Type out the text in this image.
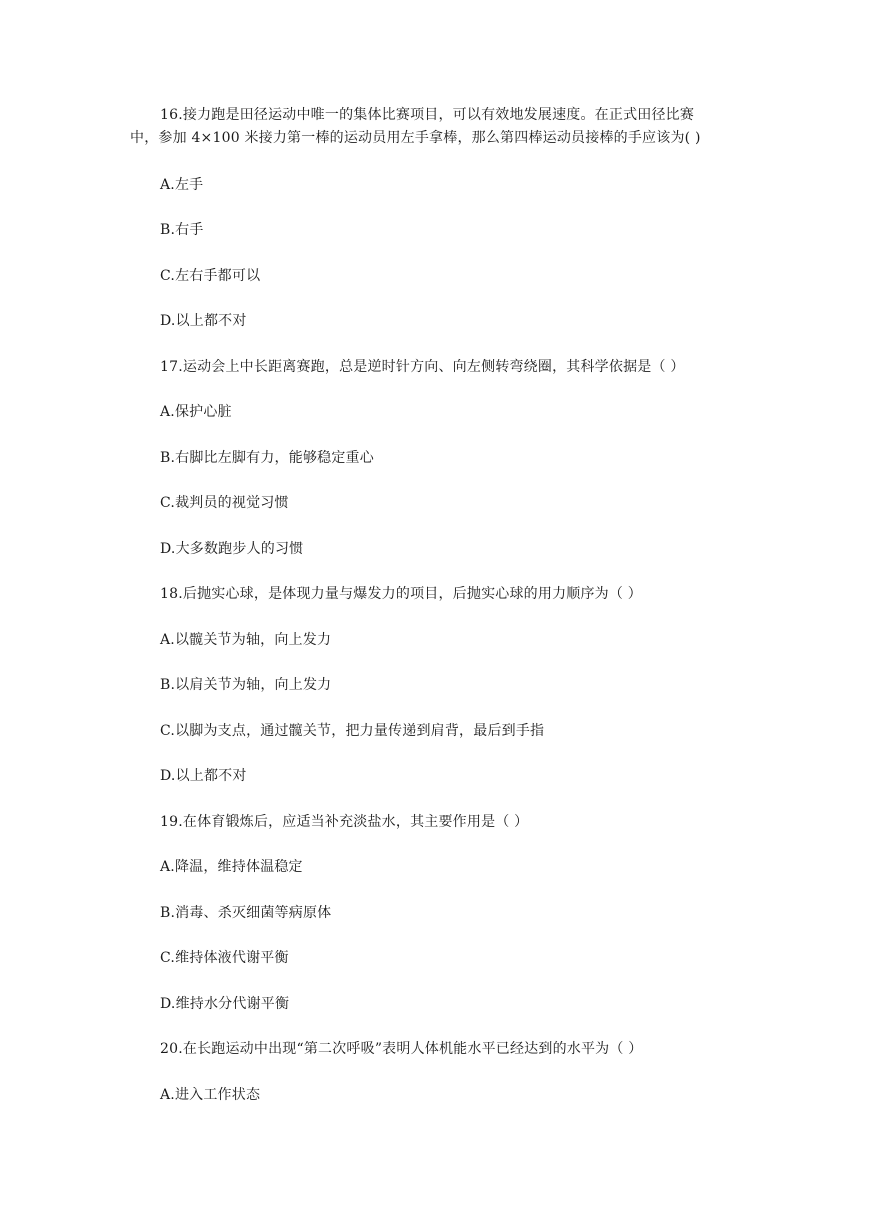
16.接力跑是田径运动中唯一的集体比赛项目，可以有效地发展速度。在正式田径比赛
中，参加 4×100 米接力第一棒的运动员用左手拿棒，那么第四棒运动员接棒的手应该为( )
A.左手
B.右手
C.左右手都可以
D.以上都不对
17.运动会上中长距离赛跑，总是逆时针方向、向左侧转弯绕圈，其科学依据是（ ）
A.保护心脏
B.右脚比左脚有力，能够稳定重心
C.裁判员的视觉习惯
D.大多数跑步人的习惯
18.后抛实心球，是体现力量与爆发力的项目，后抛实心球的用力顺序为（ ）
A.以髋关节为轴，向上发力
B.以肩关节为轴，向上发力
C.以脚为支点，通过髋关节，把力量传递到肩背，最后到手指
D.以上都不对
19.在体育锻炼后，应适当补充淡盐水，其主要作用是（ ）
A.降温，维持体温稳定
B.消毒、杀灭细菌等病原体
C.维持体液代谢平衡
D.维持水分代谢平衡
20.在长跑运动中出现“第二次呼吸”表明人体机能水平已经达到的水平为（ ）
A.进入工作状态
